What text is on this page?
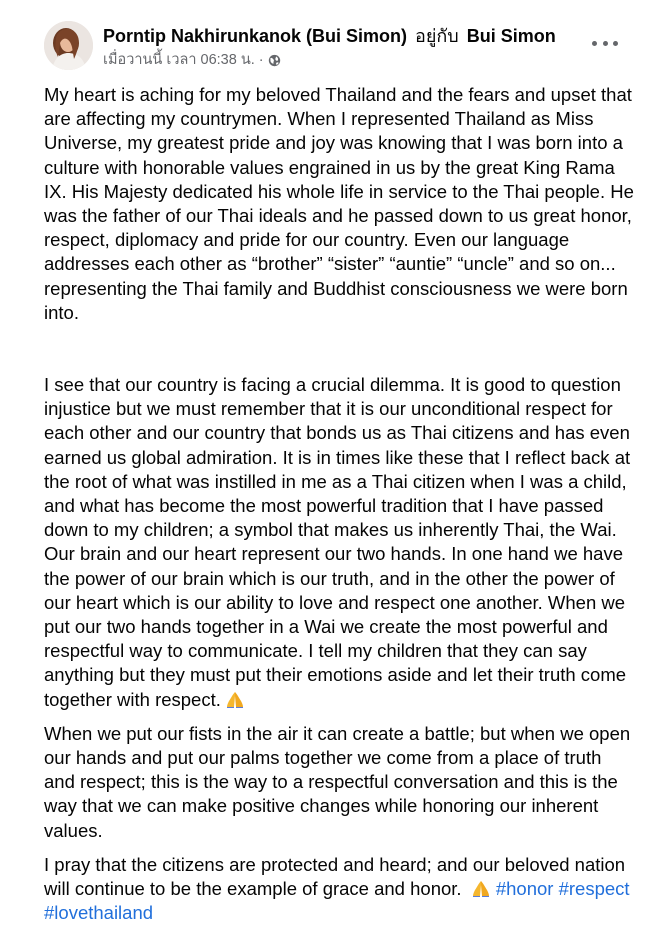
Porntip Nakhirunkanok (Bui Simon) อยู่กับ Bui Simon
เมื่อวานนี้ เวลา 06:38 น. ·

My heart is aching for my beloved Thailand and the fears and upset that are affecting my countrymen. When I represented Thailand as Miss Universe, my greatest pride and joy was knowing that I was born into a culture with honorable values engrained in us by the great King Rama IX. His Majesty dedicated his whole life in service to the Thai people. He was the father of our Thai ideals and he passed down to us great honor, respect, diplomacy and pride for our country. Even our language addresses each other as “brother” “sister” “auntie” “uncle” and so on... representing the Thai family and Buddhist consciousness we were born into.

I see that our country is facing a crucial dilemma. It is good to question injustice but we must remember that it is our unconditional respect for each other and our country that bonds us as Thai citizens and has even earned us global admiration. It is in times like these that I reflect back at the root of what was instilled in me as a Thai citizen when I was a child, and what has become the most powerful tradition that I have passed down to my children; a symbol that makes us inherently Thai, the Wai. Our brain and our heart represent our two hands. In one hand we have the power of our brain which is our truth, and in the other the power of our heart which is our ability to love and respect one another. When we put our two hands together in a Wai we create the most powerful and respectful way to communicate. I tell my children that they can say anything but they must put their emotions aside and let their truth come together with respect.

When we put our fists in the air it can create a battle; but when we open our hands and put our palms together we come from a place of truth and respect; this is the way to a respectful conversation and this is the way that we can make positive changes while honoring our inherent values.

I pray that the citizens are protected and heard; and our beloved nation will continue to be the example of grace and honor. #honor #respect #lovethailand
